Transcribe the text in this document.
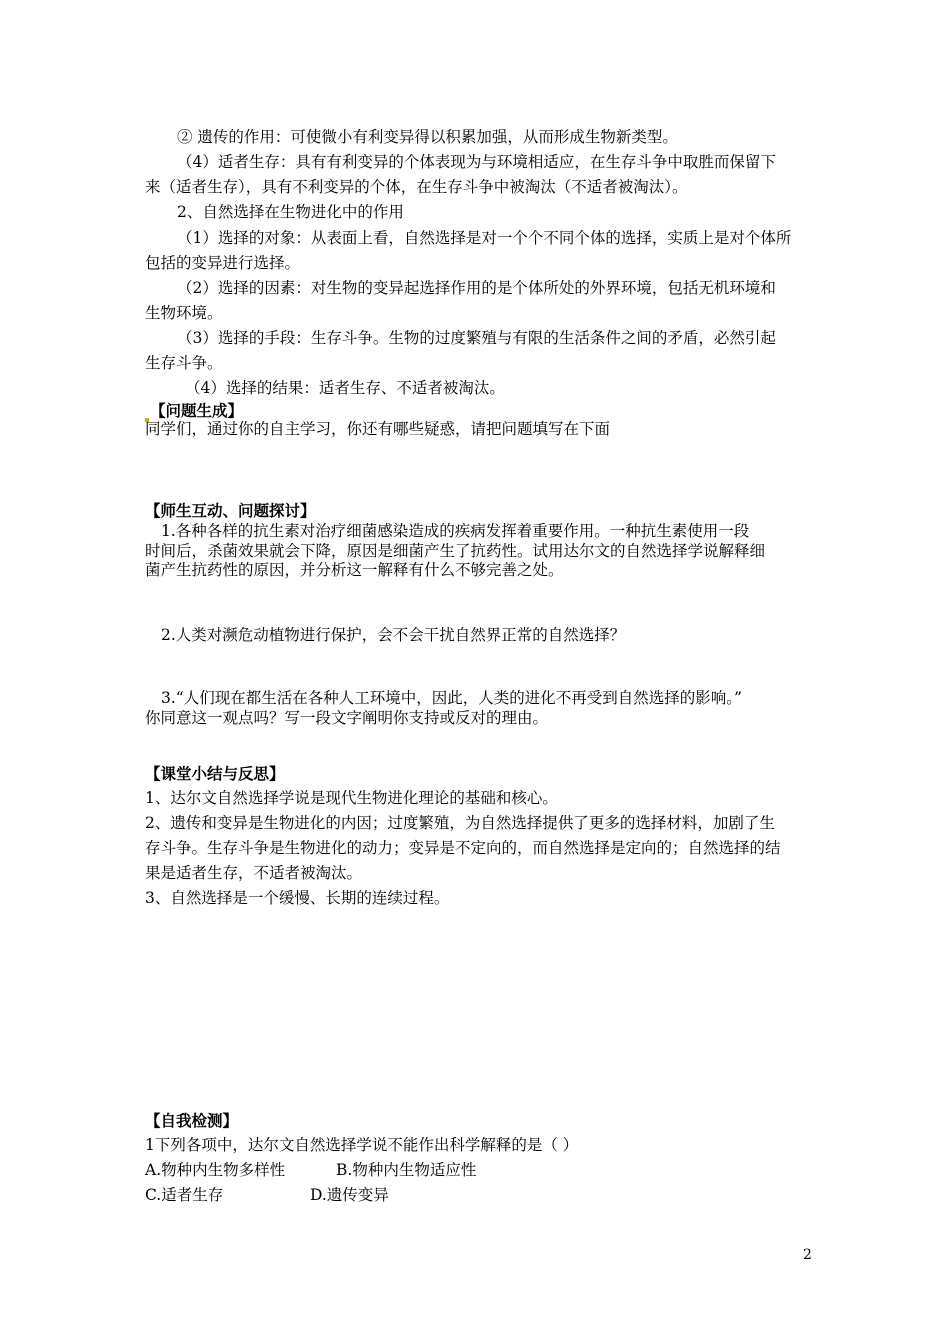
② 遗传的作用：可使微小有利变异得以积累加强，从而形成生物新类型。
（4）适者生存：具有有利变异的个体表现为与环境相适应，在生存斗争中取胜而保留下
来（适者生存），具有不利变异的个体，在生存斗争中被淘汰（不适者被淘汰）。
2、自然选择在生物进化中的作用
（1）选择的对象：从表面上看，自然选择是对一个个不同个体的选择，实质上是对个体所
包括的变异进行选择。
（2）选择的因素：对生物的变异起选择作用的是个体所处的外界环境，包括无机环境和
生物环境。
（3）选择的手段：生存斗争。生物的过度繁殖与有限的生活条件之间的矛盾，必然引起
生存斗争。
（4）选择的结果：适者生存、不适者被淘汰。
【问题生成】
同学们，通过你的自主学习，你还有哪些疑惑，请把问题填写在下面
【师生互动、问题探讨】
1.各种各样的抗生素对治疗细菌感染造成的疾病发挥着重要作用。一种抗生素使用一段
时间后，杀菌效果就会下降，原因是细菌产生了抗药性。试用达尔文的自然选择学说解释细
菌产生抗药性的原因，并分析这一解释有什么不够完善之处。
2.人类对濒危动植物进行保护，会不会干扰自然界正常的自然选择？
3.“人们现在都生活在各种人工环境中，因此，人类的进化不再受到自然选择的影响。”
你同意这一观点吗？写一段文字阐明你支持或反对的理由。
【课堂小结与反思】
1、达尔文自然选择学说是现代生物进化理论的基础和核心。
2、遗传和变异是生物进化的内因；过度繁殖，为自然选择提供了更多的选择材料，加剧了生
存斗争。生存斗争是生物进化的动力；变异是不定向的，而自然选择是定向的；自然选择的结
果是适者生存，不适者被淘汰。
3、自然选择是一个缓慢、长期的连续过程。
【自我检测】
1下列各项中，达尔文自然选择学说不能作出科学解释的是（ ）
A.物种内生物多样性	B.物种内生物适应性
C.适者生存	D.遗传变异
2
